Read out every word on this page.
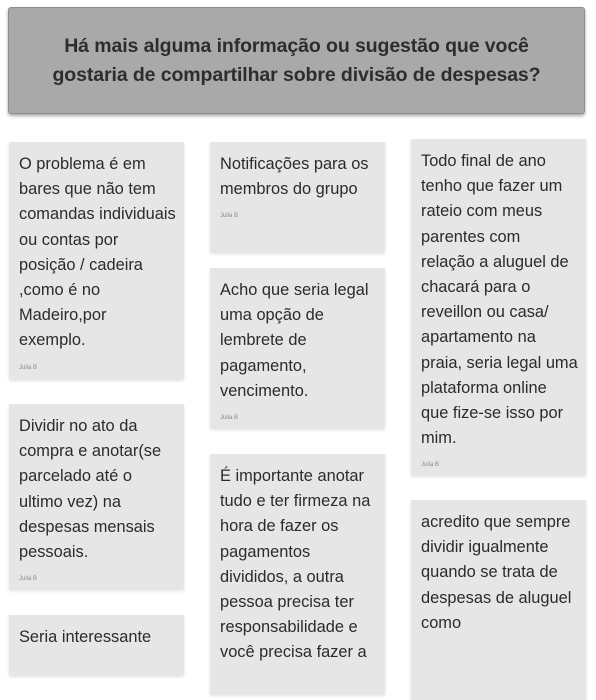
Há mais alguma informação ou sugestão que você gostaria de compartilhar sobre divisão de despesas?

O problema é em bares que não tem comandas individuais ou contas por posição / cadeira ,como é no Madeiro,por exemplo.

Julia B

Dividir no ato da compra e anotar(se parcelado até o ultimo vez) na despesas mensais pessoais.

Julia B

Seria interessante

Notificações para os membros do grupo

Julia B

Acho que seria legal uma opção de lembrete de pagamento, vencimento.

Julia B

É importante anotar tudo e ter firmeza na hora de fazer os pagamentos divididos, a outra pessoa precisa ter responsabilidade e você precisa fazer a

Todo final de ano tenho que fazer um rateio com meus parentes com relação a aluguel de chacará para o reveillon ou casa/ apartamento na praia, seria legal uma plataforma online que fize-se isso por mim.

Julia B

acredito que sempre dividir igualmente quando se trata de despesas de aluguel como
